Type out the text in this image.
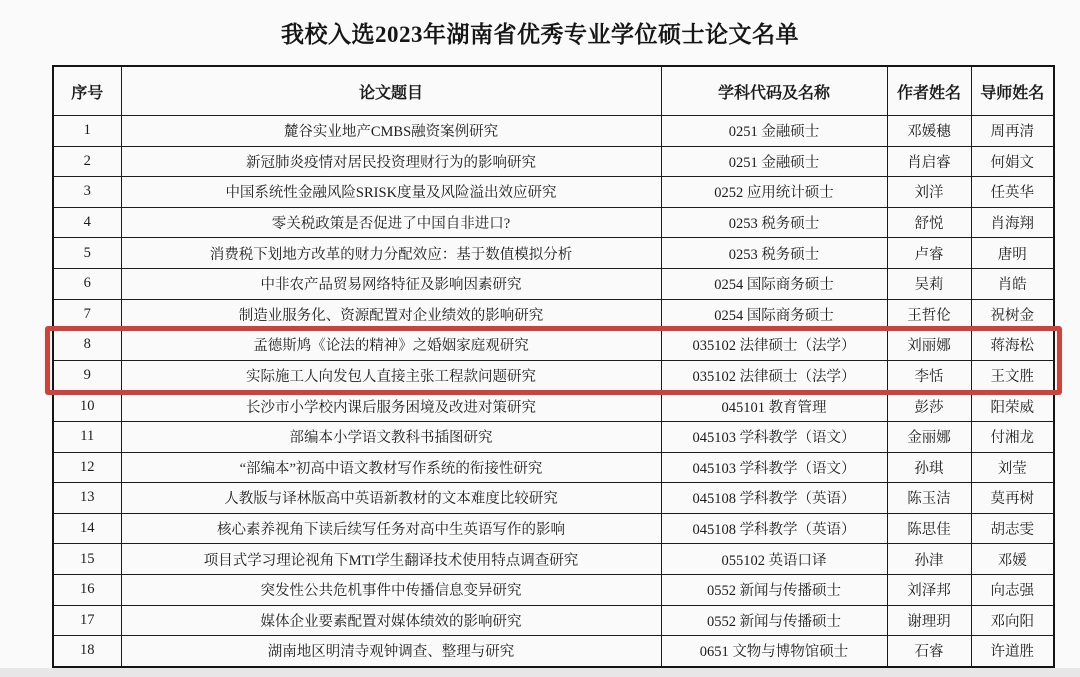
我校入选2023年湖南省优秀专业学位硕士论文名单
序号	论文题目	学科代码及名称	作者姓名	导师姓名
1	麓谷实业地产CMBS融资案例研究	0251 金融硕士	邓媛穗	周再清
2	新冠肺炎疫情对居民投资理财行为的影响研究	0251 金融硕士	肖启睿	何娟文
3	中国系统性金融风险SRISK度量及风险溢出效应研究	0252 应用统计硕士	刘洋	任英华
4	零关税政策是否促进了中国自非进口?	0253 税务硕士	舒悦	肖海翔
5	消费税下划地方改革的财力分配效应：基于数值模拟分析	0253 税务硕士	卢睿	唐明
6	中非农产品贸易网络特征及影响因素研究	0254 国际商务硕士	吴莉	肖皓
7	制造业服务化、资源配置对企业绩效的影响研究	0254 国际商务硕士	王哲伦	祝树金
8	孟德斯鸠《论法的精神》之婚姻家庭观研究	035102 法律硕士（法学）	刘丽娜	蒋海松
9	实际施工人向发包人直接主张工程款问题研究	035102 法律硕士（法学）	李恬	王文胜
10	长沙市小学校内课后服务困境及改进对策研究	045101 教育管理	彭莎	阳荣威
11	部编本小学语文教科书插图研究	045103 学科教学（语文）	金丽娜	付湘龙
12	“部编本”初高中语文教材写作系统的衔接性研究	045103 学科教学（语文）	孙琪	刘莹
13	人教版与译林版高中英语新教材的文本难度比较研究	045108 学科教学（英语）	陈玉洁	莫再树
14	核心素养视角下读后续写任务对高中生英语写作的影响	045108 学科教学（英语）	陈思佳	胡志雯
15	项目式学习理论视角下MTI学生翻译技术使用特点调查研究	055102 英语口译	孙津	邓媛
16	突发性公共危机事件中传播信息变异研究	0552 新闻与传播硕士	刘泽邦	向志强
17	媒体企业要素配置对媒体绩效的影响研究	0552 新闻与传播硕士	谢理玥	邓向阳
18	湖南地区明清寺观钟调查、整理与研究	0651 文物与博物馆硕士	石睿	许道胜
